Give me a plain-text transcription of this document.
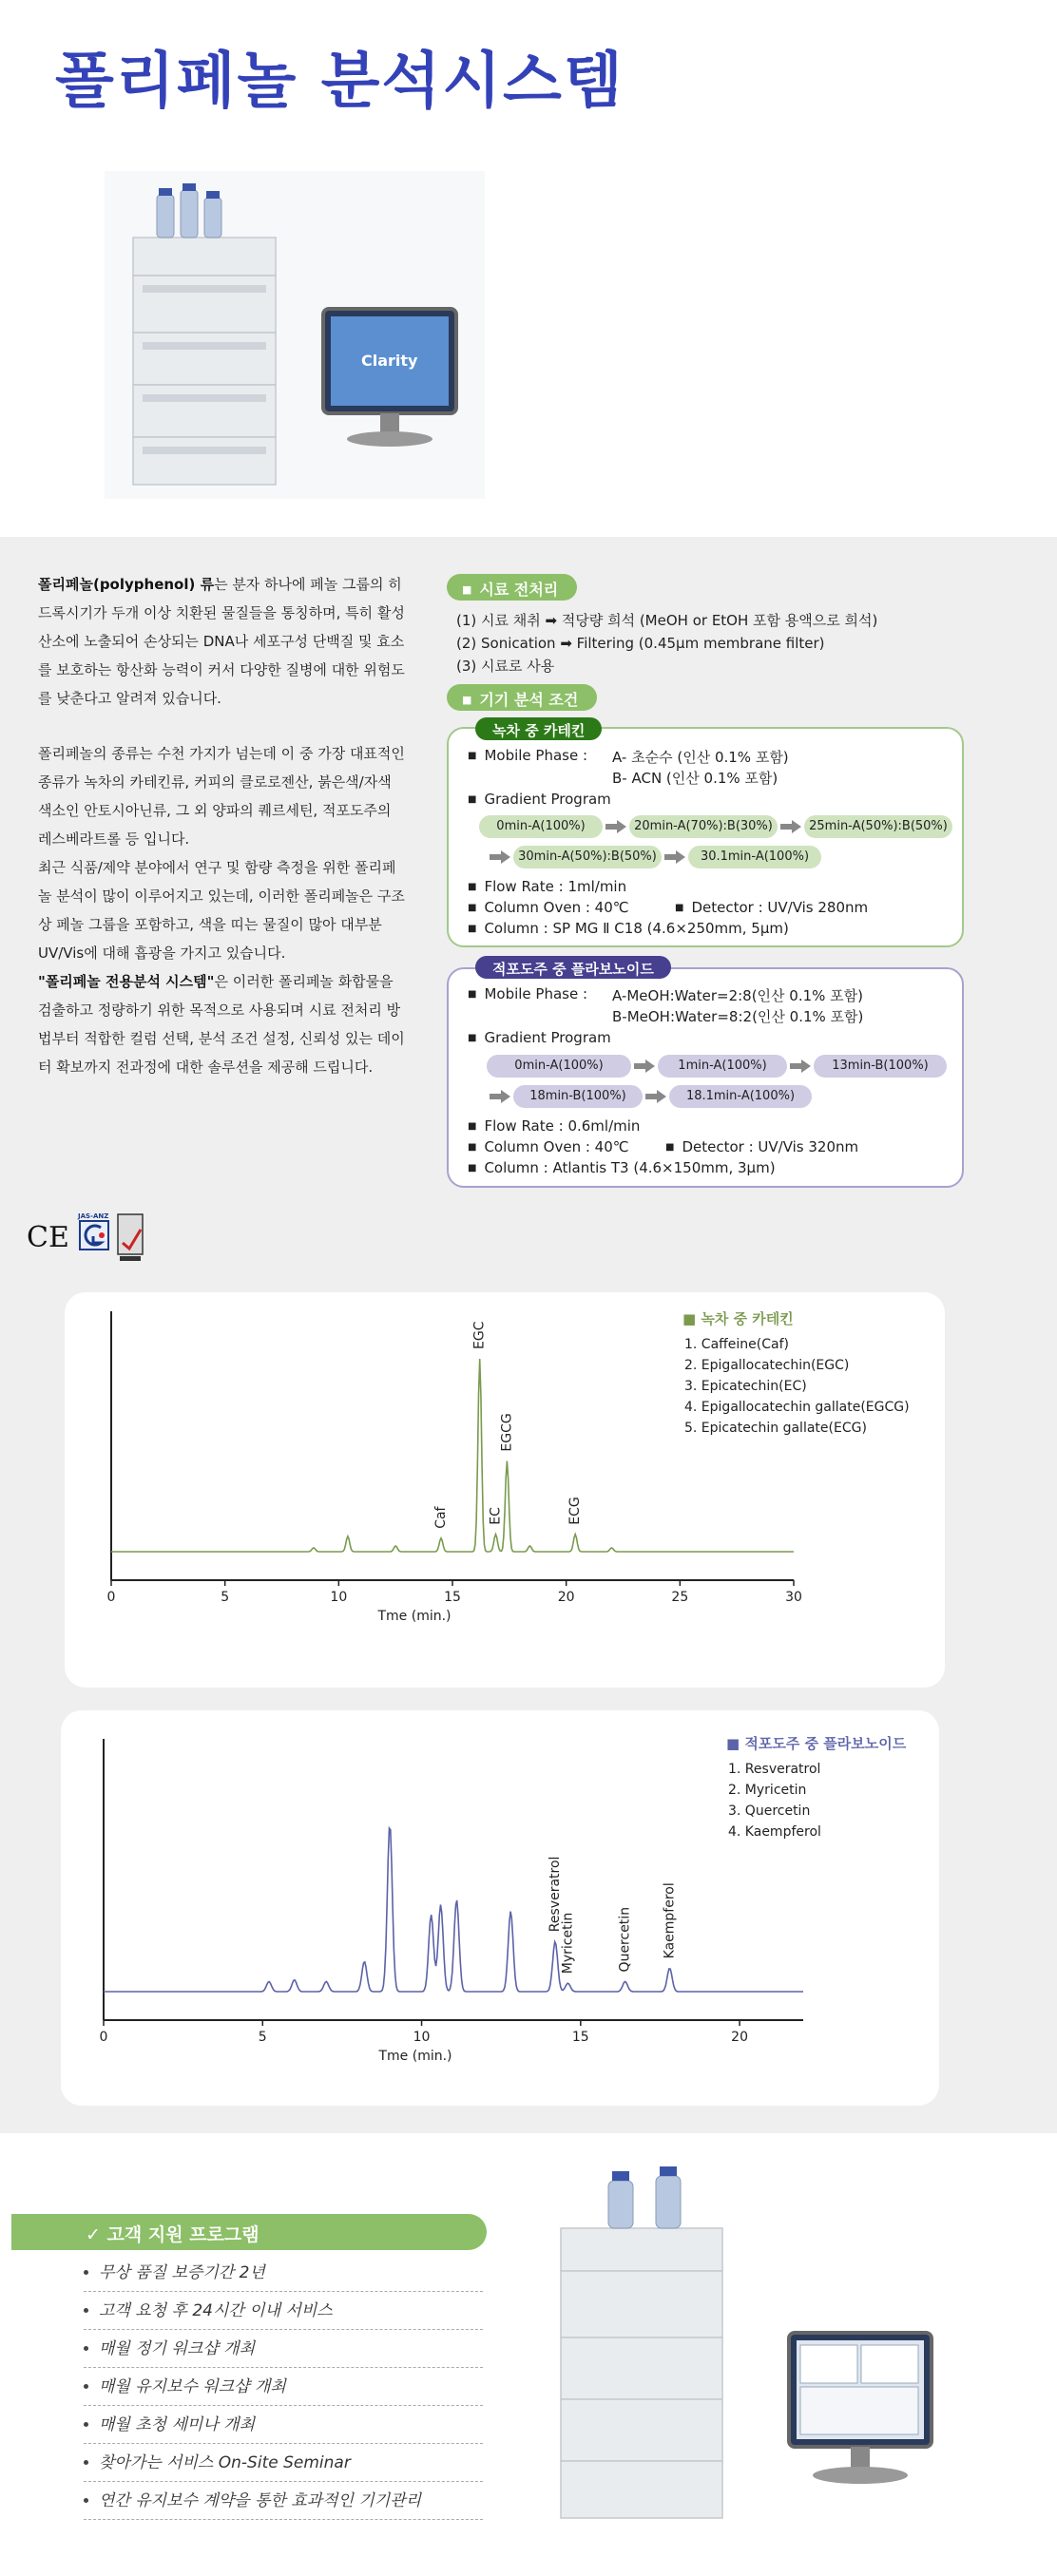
폴리페놀 분석시스템
Clarity

폴리페놀(polyphenol) 류는 분자 하나에 페놀 그룹의 히드록시기가 두개 이상 치환된 물질들을 통칭하며, 특히 활성산소에 노출되어 손상되는 DNA나 세포구성 단백질 및 효소를 보호하는 항산화 능력이 커서 다양한 질병에 대한 위험도를 낮춘다고 알려져 있습니다.

폴리페놀의 종류는 수천 가지가 넘는데 이 중 가장 대표적인 종류가 녹차의 카테킨류, 커피의 클로로젠산, 붉은색/자색 색소인 안토시아닌류, 그 외 양파의 퀘르세틴, 적포도주의 레스베라트롤 등 입니다.

최근 식품/제약 분야에서 연구 및 함량 측정을 위한 폴리페놀 분석이 많이 이루어지고 있는데, 이러한 폴리페놀은 구조상 페놀 그룹을 포함하고, 색을 띠는 물질이 많아 대부분 UV/Vis에 대해 흡광을 가지고 있습니다.

"폴리페놀 전용분석 시스템"은 이러한 폴리페놀 화합물을 검출하고 정량하기 위한 목적으로 사용되며 시료 전처리 방법부터 적합한 컬럼 선택, 분석 조건 설정, 신뢰성 있는 데이터 확보까지 전과정에 대한 솔루션을 제공해 드립니다.

■ 시료 전처리
(1) 시료 채취 ➡ 적당량 희석 (MeOH or EtOH 포함 용액으로 희석)
(2) Sonication ➡ Filtering (0.45μm membrane filter)
(3) 시료로 사용
■ 기기 분석 조건
녹차 중 카테킨
■ Mobile Phase : A- 초순수 (인산 0.1% 포함)
B- ACN (인산 0.1% 포함)
■ Gradient Program
0min-A(100%)	20min-A(70%):B(30%)	25min-A(50%):B(50%)
30min-A(50%):B(50%)	30.1min-A(100%)
■ Flow Rate : 1ml/min
■ Column Oven : 40℃	■ Detector : UV/Vis 280nm
■ Column : SP MG Ⅱ C18 (4.6×250mm, 5μm)
적포도주 중 플라보노이드
■ Mobile Phase : A-MeOH:Water=2:8(인산 0.1% 포함)
B-MeOH:Water=8:2(인산 0.1% 포함)
■ Gradient Program
0min-A(100%)	1min-A(100%)	13min-B(100%)
18min-B(100%)	18.1min-A(100%)
■ Flow Rate : 0.6ml/min
■ Column Oven : 40℃	■ Detector : UV/Vis 320nm
■ Column : Atlantis T3 (4.6×150mm, 3μm)
CE
JAS-ANZ
0	5	10	15	20	25	30
Tme (min.)
Caf
EGC
EC
EGCG
ECG
■ 녹차 중 카테킨
1. Caffeine(Caf)
2. Epigallocatechin(EGC)
3. Epicatechin(EC)
4. Epigallocatechin gallate(EGCG)
5. Epicatechin gallate(ECG)
0	5	10	15	20
Tme (min.)
Resveratrol
Myricetin	Quercetin Kaempferol
■ 적포도주 중 플라보노이드
1. Resveratrol
2. Myricetin
3. Quercetin
4. Kaempferol
✓ 고객 지원 프로그램
무상 품질 보증기간 2년
고객 요청 후 24시간 이내 서비스
매월 정기 워크샵 개최
매월 유지보수 워크샵 개최
매월 초청 세미나 개최
찾아가는 서비스 On-Site Seminar
연간 유지보수 계약을 통한 효과적인 기기관리
